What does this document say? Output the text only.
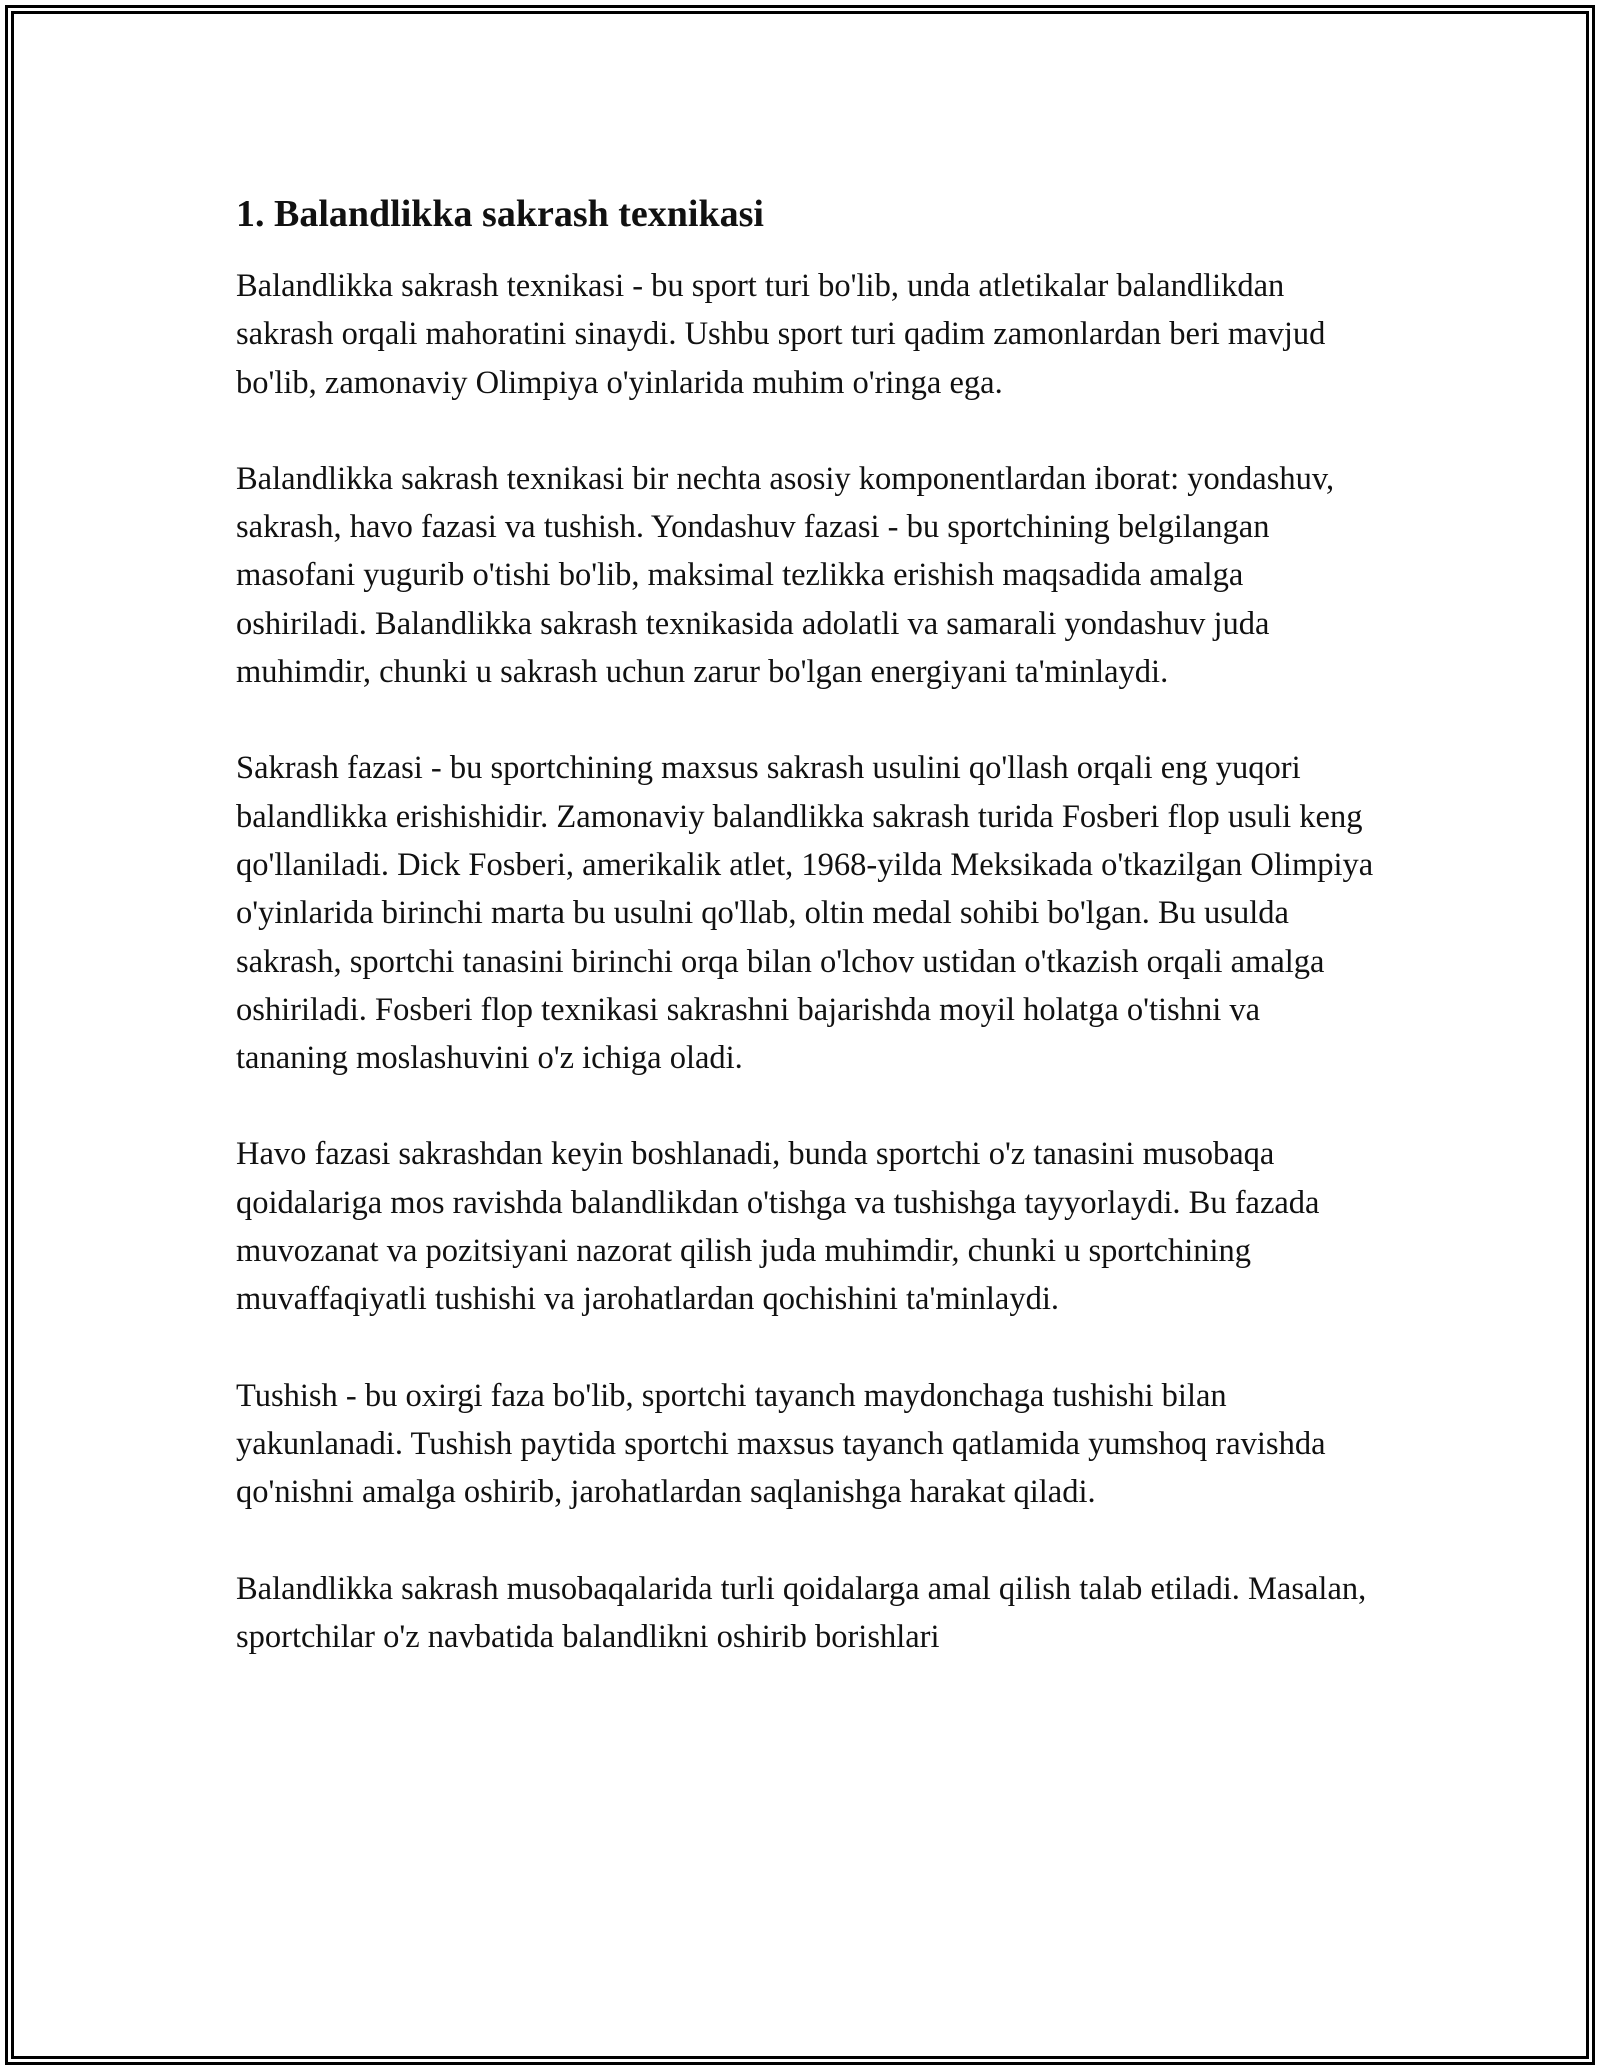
1. Balandlikka sakrash texnikasi

Balandlikka sakrash texnikasi - bu sport turi bo'lib, unda atletikalar balandlikdan sakrash orqali mahoratini sinaydi. Ushbu sport turi qadim zamonlardan beri mavjud bo'lib, zamonaviy Olimpiya o'yinlarida muhim o'ringa ega.

Balandlikka sakrash texnikasi bir nechta asosiy komponentlardan iborat: yondashuv, sakrash, havo fazasi va tushish. Yondashuv fazasi - bu sportchining belgilangan masofani yugurib o'tishi bo'lib, maksimal tezlikka erishish maqsadida amalga oshiriladi. Balandlikka sakrash texnikasida adolatli va samarali yondashuv juda muhimdir, chunki u sakrash uchun zarur bo'lgan energiyani ta'minlaydi.

Sakrash fazasi - bu sportchining maxsus sakrash usulini qo'llash orqali eng yuqori balandlikka erishishidir. Zamonaviy balandlikka sakrash turida Fosberi flop usuli keng qo'llaniladi. Dick Fosberi, amerikalik atlet, 1968-yilda Meksikada o'tkazilgan Olimpiya o'yinlarida birinchi marta bu usulni qo'llab, oltin medal sohibi bo'lgan. Bu usulda sakrash, sportchi tanasini birinchi orqa bilan o'lchov ustidan o'tkazish orqali amalga oshiriladi. Fosberi flop texnikasi sakrashni bajarishda moyil holatga o'tishni va tananing moslashuvini o'z ichiga oladi.

Havo fazasi sakrashdan keyin boshlanadi, bunda sportchi o'z tanasini musobaqa qoidalariga mos ravishda balandlikdan o'tishga va tushishga tayyorlaydi. Bu fazada muvozanat va pozitsiyani nazorat qilish juda muhimdir, chunki u sportchining muvaffaqiyatli tushishi va jarohatlardan qochishini ta'minlaydi.

Tushish - bu oxirgi faza bo'lib, sportchi tayanch maydonchaga tushishi bilan yakunlanadi. Tushish paytida sportchi maxsus tayanch qatlamida yumshoq ravishda qo'nishni amalga oshirib, jarohatlardan saqlanishga harakat qiladi.

Balandlikka sakrash musobaqalarida turli qoidalarga amal qilish talab etiladi. Masalan, sportchilar o'z navbatida balandlikni oshirib borishlari
